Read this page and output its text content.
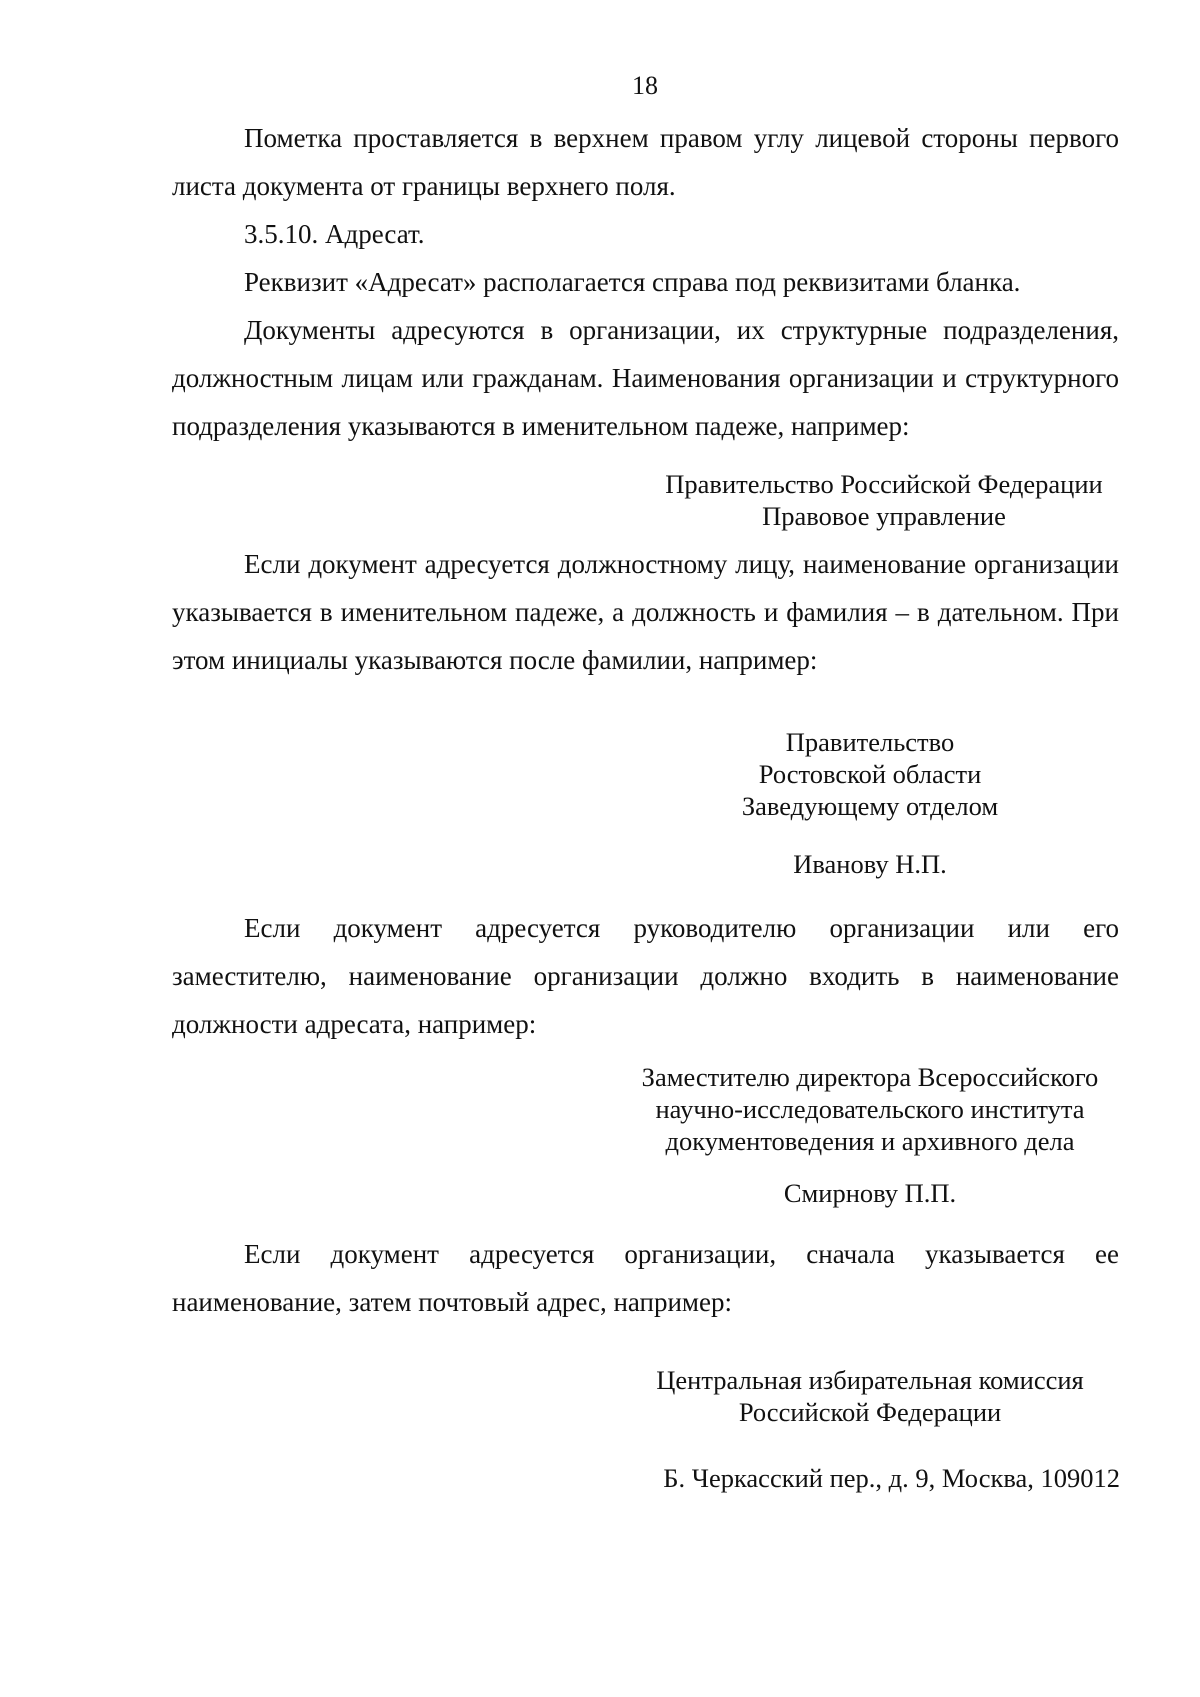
18

Пометка проставляется в верхнем правом углу лицевой стороны первого листа документа от границы верхнего поля.

3.5.10. Адресат.

Реквизит «Адресат» располагается справа под реквизитами бланка.

Документы адресуются в организации, их структурные подразделения, должностным лицам или гражданам. Наименования организации и структурного подразделения указываются в именительном падеже, например:

Правительство Российской Федерации
Правовое управление

Если документ адресуется должностному лицу, наименование организации указывается в именительном падеже, а должность и фамилия – в дательном. При этом инициалы указываются после фамилии, например:

Правительство
Ростовской области
Заведующему отделом
Иванову Н.П.

Если документ адресуется руководителю организации или его заместителю, наименование организации должно входить в наименование должности адресата, например:

Заместителю директора Всероссийского
научно-исследовательского института
документоведения и архивного дела
Смирнову П.П.

Если документ адресуется организации, сначала указывается ее наименование, затем почтовый адрес, например:

Центральная избирательная комиссия
Российской Федерации
Б. Черкасский пер., д. 9, Москва, 109012
